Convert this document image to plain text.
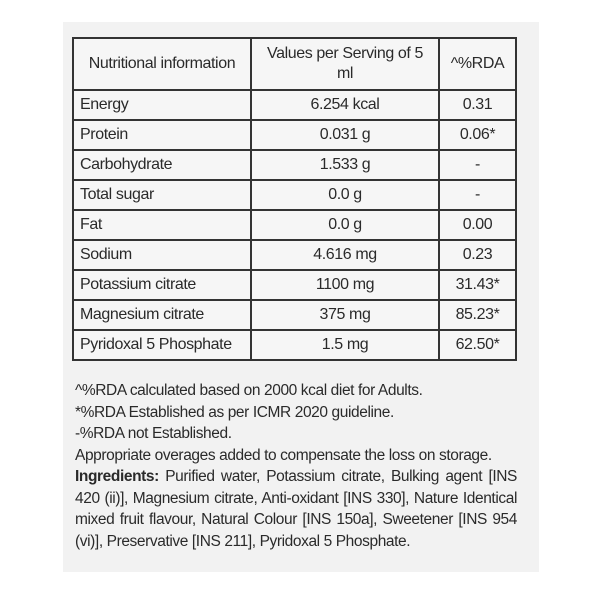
Nutritional information	Values per Serving of 5 ml	^%RDA
Energy	6.254 kcal	0.31
Protein	0.031 g	0.06*
Carbohydrate	1.533 g	-
Total sugar	0.0 g	-
Fat	0.0 g	0.00
Sodium	4.616 mg	0.23
Potassium citrate	1100 mg	31.43*
Magnesium citrate	375 mg	85.23*
Pyridoxal 5 Phosphate	1.5 mg	62.50*

^%RDA calculated based on 2000 kcal diet for Adults.

*%RDA Established as per ICMR 2020 guideline.

-%RDA not Established.

Appropriate overages added to compensate the loss on storage.

Ingredients: Purified water, Potassium citrate, Bulking agent [INS 420 (ii)], Magnesium citrate, Anti-oxidant [INS 330], Nature Identical mixed fruit flavour, Natural Colour [INS 150a], Sweetener [INS 954 (vi)], Preservative [INS 211], Pyridoxal 5 Phosphate.
